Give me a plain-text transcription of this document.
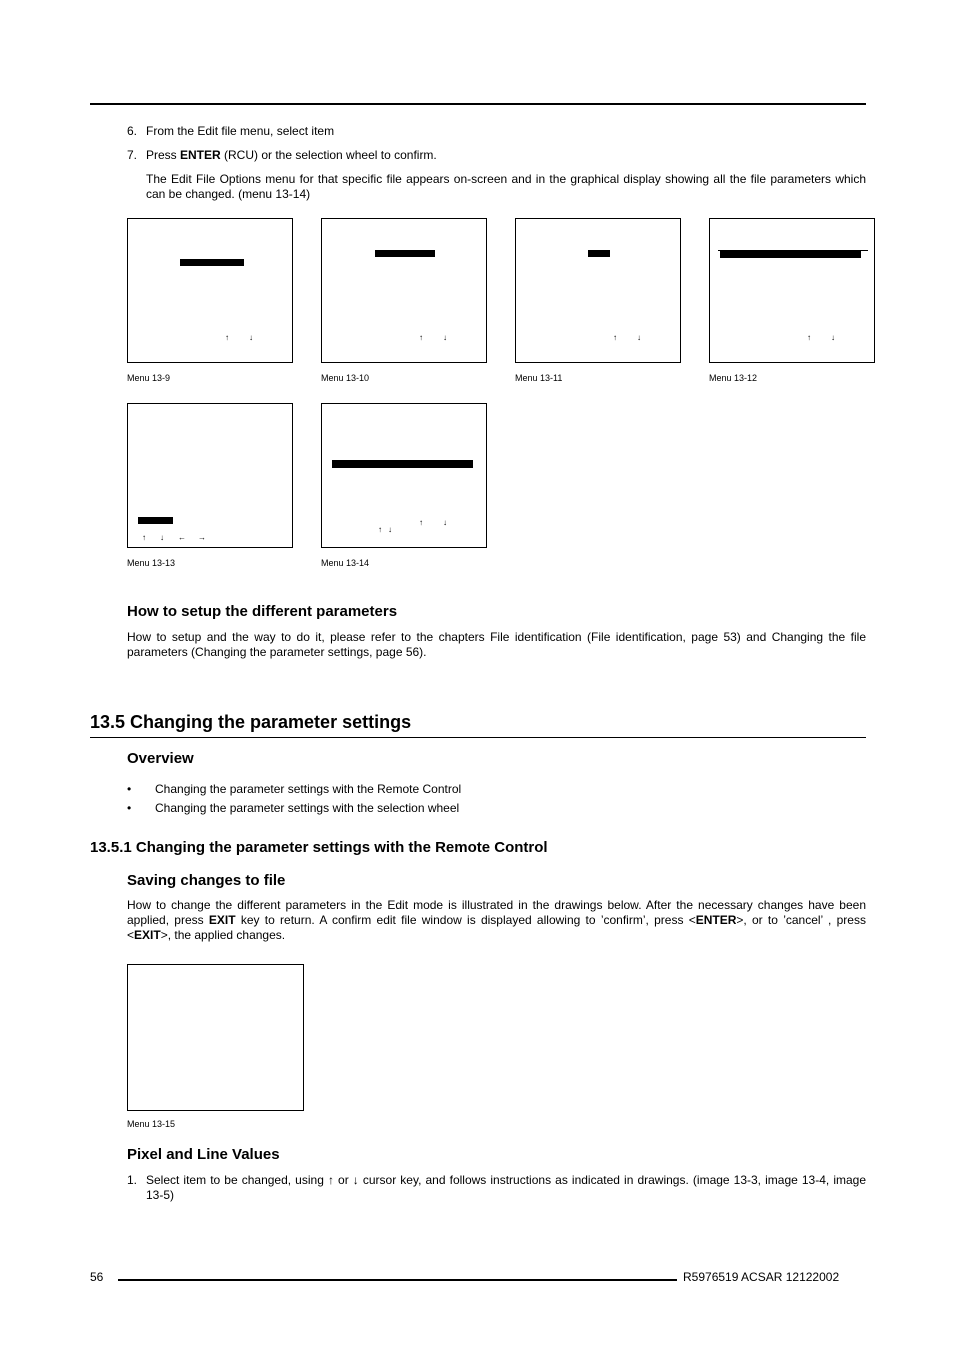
6. From the Edit file menu, select item
7. Press ENTER (RCU) or the selection wheel to confirm.
The Edit File Options menu for that specific file appears on-screen and in the graphical display showing all the file parameters which can be changed. (menu 13-14)
↑	↓
Menu 13-9
↑	↓
Menu 13-10
↑	↓
Menu 13-11
↑	↓
Menu 13-12
↑ ↓ ← →
Menu 13-13
↑	↓
↑ ↓
Menu 13-14
How to setup the different parameters
How to setup and the way to do it, please refer to the chapters File identification (File identification, page 53) and Changing the file parameters (Changing the parameter settings, page 56).
13.5 Changing the parameter settings
Overview
• Changing the parameter settings with the Remote Control
• Changing the parameter settings with the selection wheel
13.5.1 Changing the parameter settings with the Remote Control
Saving changes to file
How to change the different parameters in the Edit mode is illustrated in the drawings below. After the necessary changes have been applied, press EXIT key to return. A confirm edit file window is displayed allowing to ’confirm’, press <ENTER>, or to ’cancel’ , press <EXIT>, the applied changes.
Menu 13-15
Pixel and Line Values
1. Select item to be changed, using ↑ or ↓ cursor key, and follows instructions as indicated in drawings. (image 13-3, image 13-4, image 13-5)
56	R5976519 ACSAR 12122002
